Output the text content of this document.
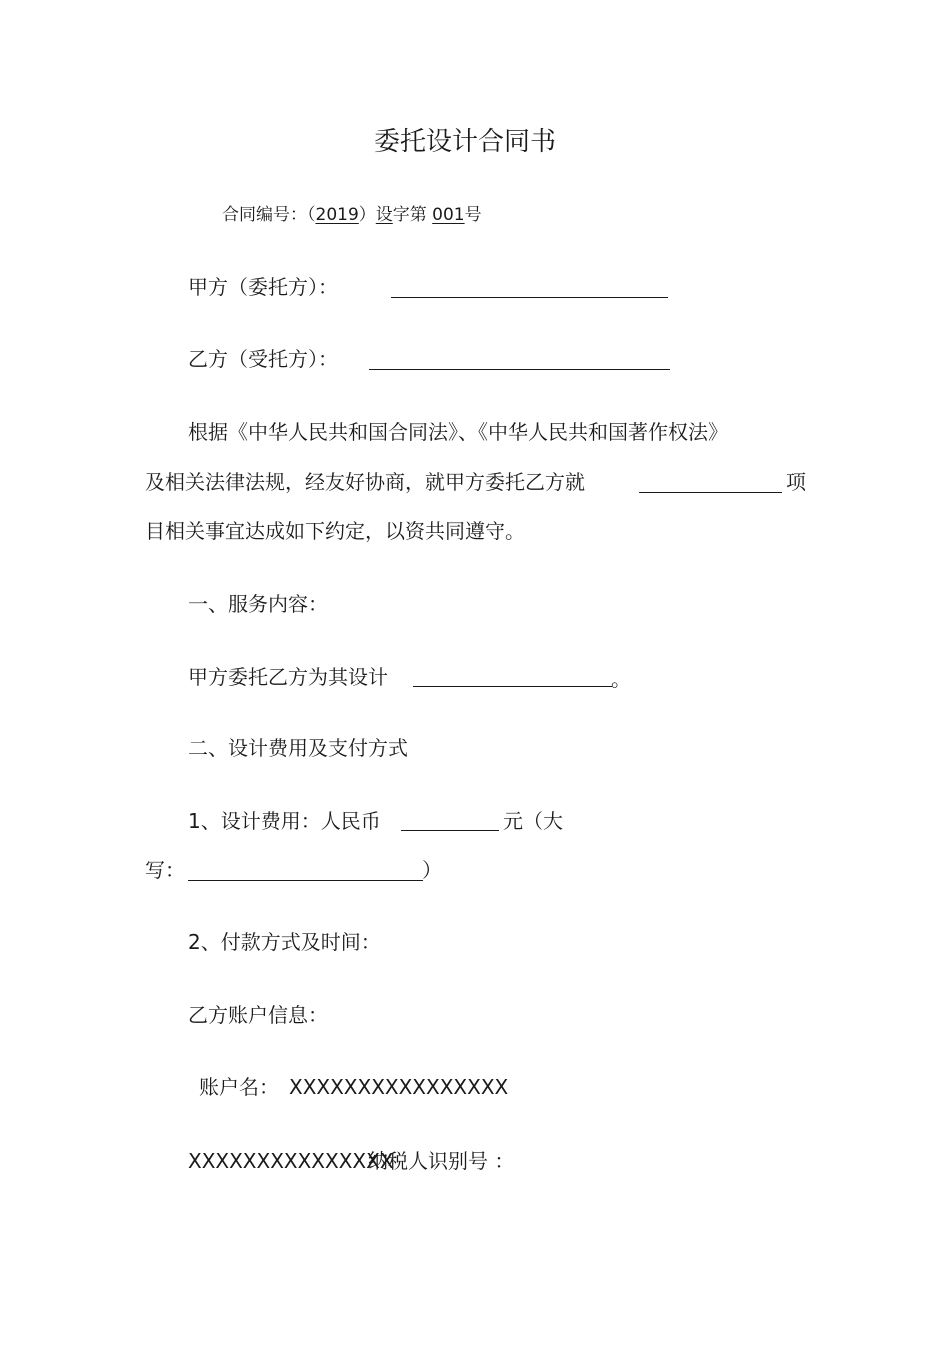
委托设计合同书
合同编号：（2019）设字第 001号
甲方（委托方）：
乙方（受托方）：
根据《中华人民共和国合同法》、《中华人民共和国著作权法》
及相关法律法规，经友好协商，就甲方委托乙方就	项
目相关事宜达成如下约定，以资共同遵守。
一、服务内容：
甲方委托乙方为其设计	。
二、设计费用及支付方式
1、设计费用：人民币	元（大
写：	）
2、付款方式及时间：
乙方账户信息：
账户名： XXXXXXXXXXXXXXXX
XXXXXXXXXXXXXXX
纳税人识别号 ：
